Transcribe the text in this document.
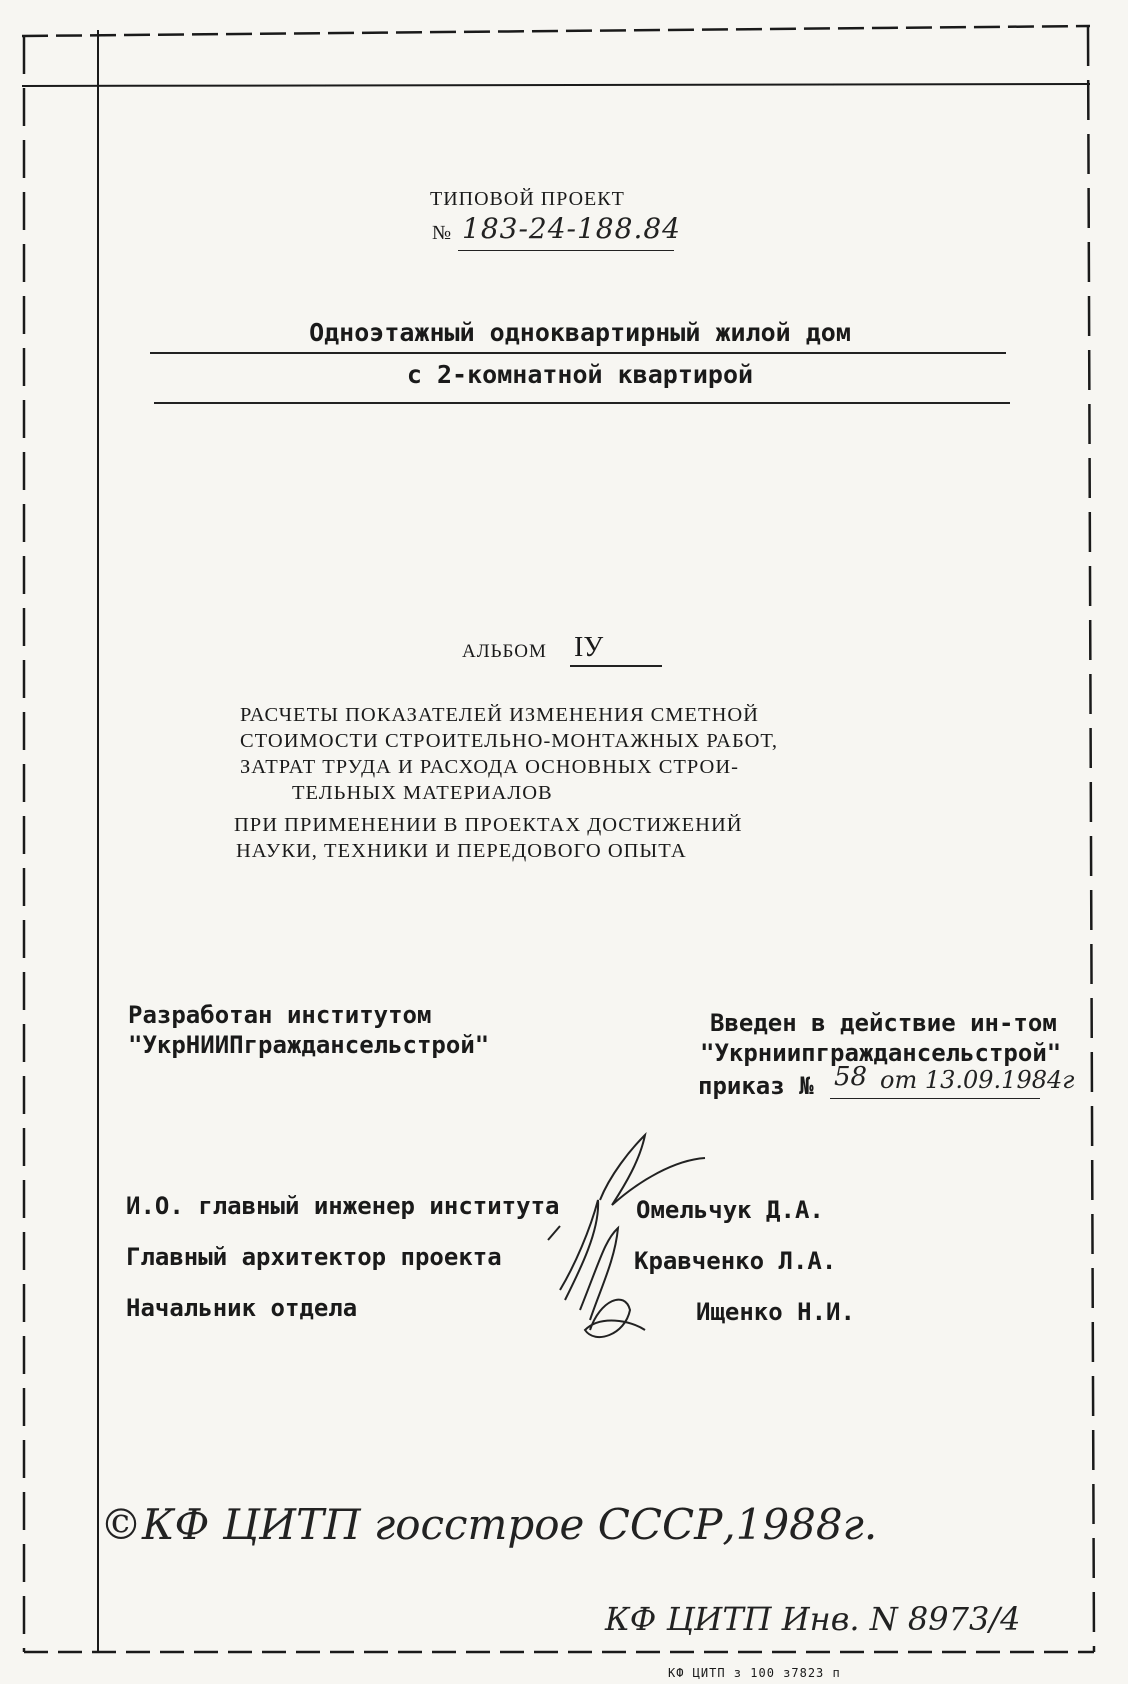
ТИПОВОЙ ПРОЕКТ
№ 183-24-188.84
Одноэтажный одноквартирный жилой дом
с 2-комнатной квартирой
АЛЬБОМ IУ
РАСЧЕТЫ ПОКАЗАТЕЛЕЙ ИЗМЕНЕНИЯ СМЕТНОЙ
СТОИМОСТИ СТРОИТЕЛЬНО-МОНТАЖНЫХ РАБОТ,
ЗАТРАТ ТРУДА И РАСХОДА ОСНОВНЫХ СТРОИ-
ТЕЛЬНЫХ МАТЕРИАЛОВ
ПРИ ПРИМЕНЕНИИ В ПРОЕКТАХ ДОСТИЖЕНИЙ
НАУКИ, ТЕХНИКИ И ПЕРЕДОВОГО ОПЫТА
Разработан институтом
"УкрНИИПгражданcельстрой"
Введен в действие ин-том
"Укрниипграждансельстрой"
приказ № 58 от 13.09.1984г
И.О. главный инженер института	Омельчук Д.А.
Главный архитектор проекта	Кравченко Л.А.
Начальник отдела	Ищенко Н.И.
©КФ ЦИТП госстрое СССР,1988г.
КФ ЦИТП Инв. N 8973/4
КФ ЦИТП з 100 з7823 п
